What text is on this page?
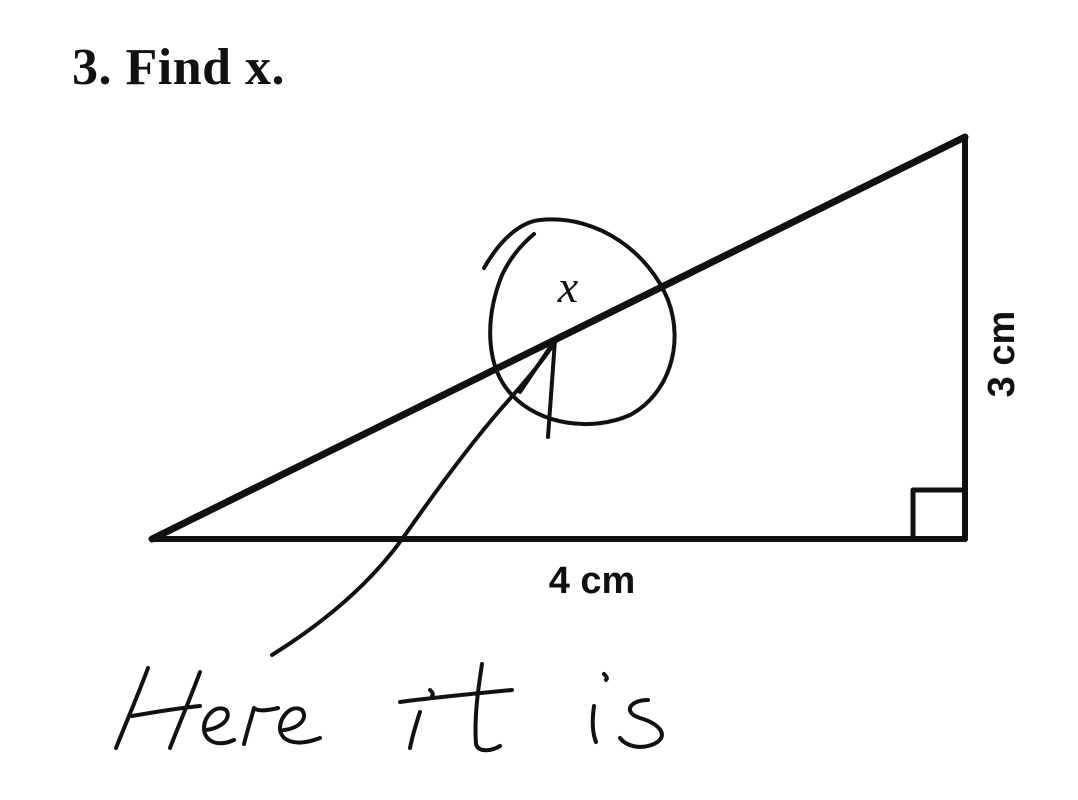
3. Find x.
4 cm
3 cm
x
